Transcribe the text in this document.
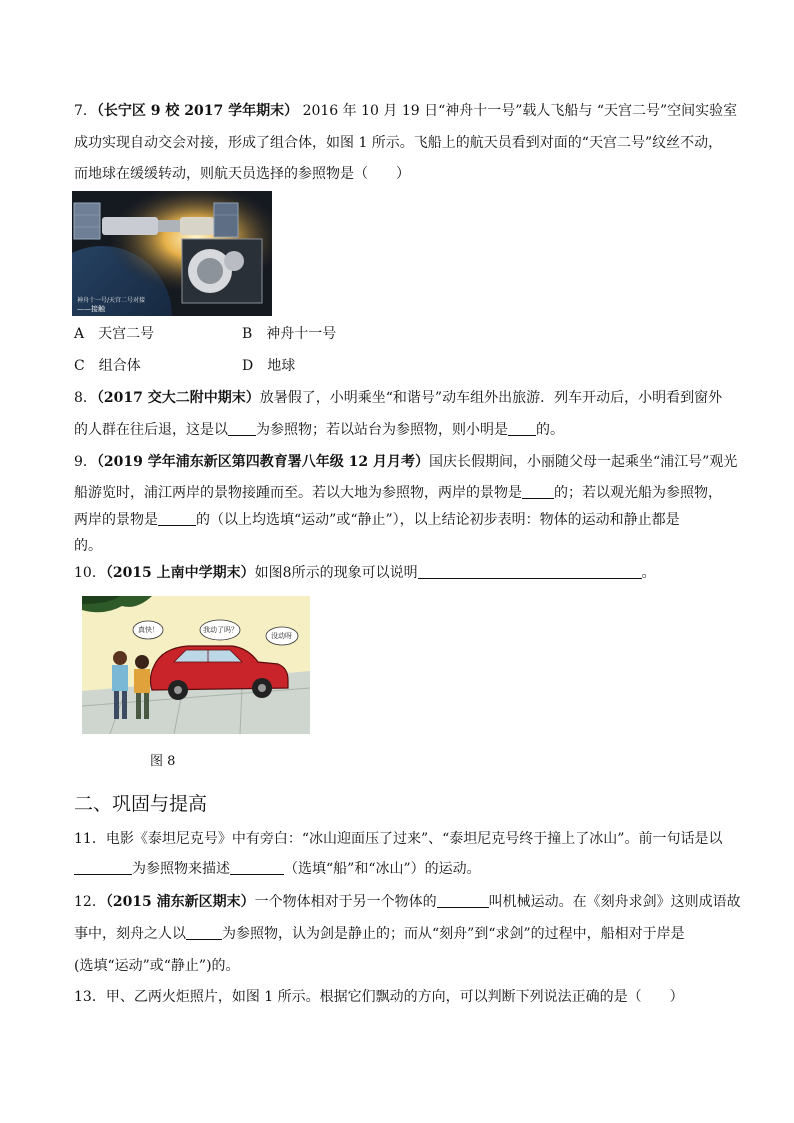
7．（长宁区 9 校 2017 学年期末） 2016 年 10 月 19 日“神舟十一号”载人飞船与 “天宫二号”空间实验室
成功实现自动交会对接，形成了组合体，如图 1 所示。飞船上的航天员看到对面的“天宫二号”纹丝不动，
而地球在缓缓转动，则航天员选择的参照物是（　　）
神舟十一号/天宫二号对接
——接触
A　天宫二号	B　神舟十一号
C　组合体	D　地球
8．（2017 交大二附中期末）放暑假了，小明乘坐“和谐号”动车组外出旅游．列车开动后，小明看到窗外
的人群在往后退，这是以 为参照物；若以站台为参照物，则小明是 的。
9．（2019 学年浦东新区第四教育署八年级 12 月月考）国庆长假期间，小丽随父母一起乘坐“浦江号”观光
船游览时，浦江两岸的景物接踵而至。若以大地为参照物，两岸的景物是 的；若以观光船为参照物，
两岸的景物是	的（以上均选填“运动”或“静止”），以上结论初步表明：物体的运动和静止都是
的。
10．（2015 上南中学期末）如图8所示的现象可以说明	。
真快！	我动了吗？
没动呀
图 8
二、巩固与提高
11．电影《泰坦尼克号》中有旁白：“冰山迎面压了过来”、“泰坦尼克号终于撞上了冰山”。前一句话是以
为参照物来描述	（选填“船”和“冰山”）的运动。
12．（2015 浦东新区期末）一个物体相对于另一个物体的	叫机械运动。在《刻舟求剑》这则成语故
事中，刻舟之人以	为参照物，认为剑是静止的；而从“刻舟”到“求剑”的过程中，船相对于岸是
(选填“运动”或“静止”)的。
13．甲、乙两火炬照片，如图 1 所示。根据它们飘动的方向，可以判断下列说法正确的是（　　）
